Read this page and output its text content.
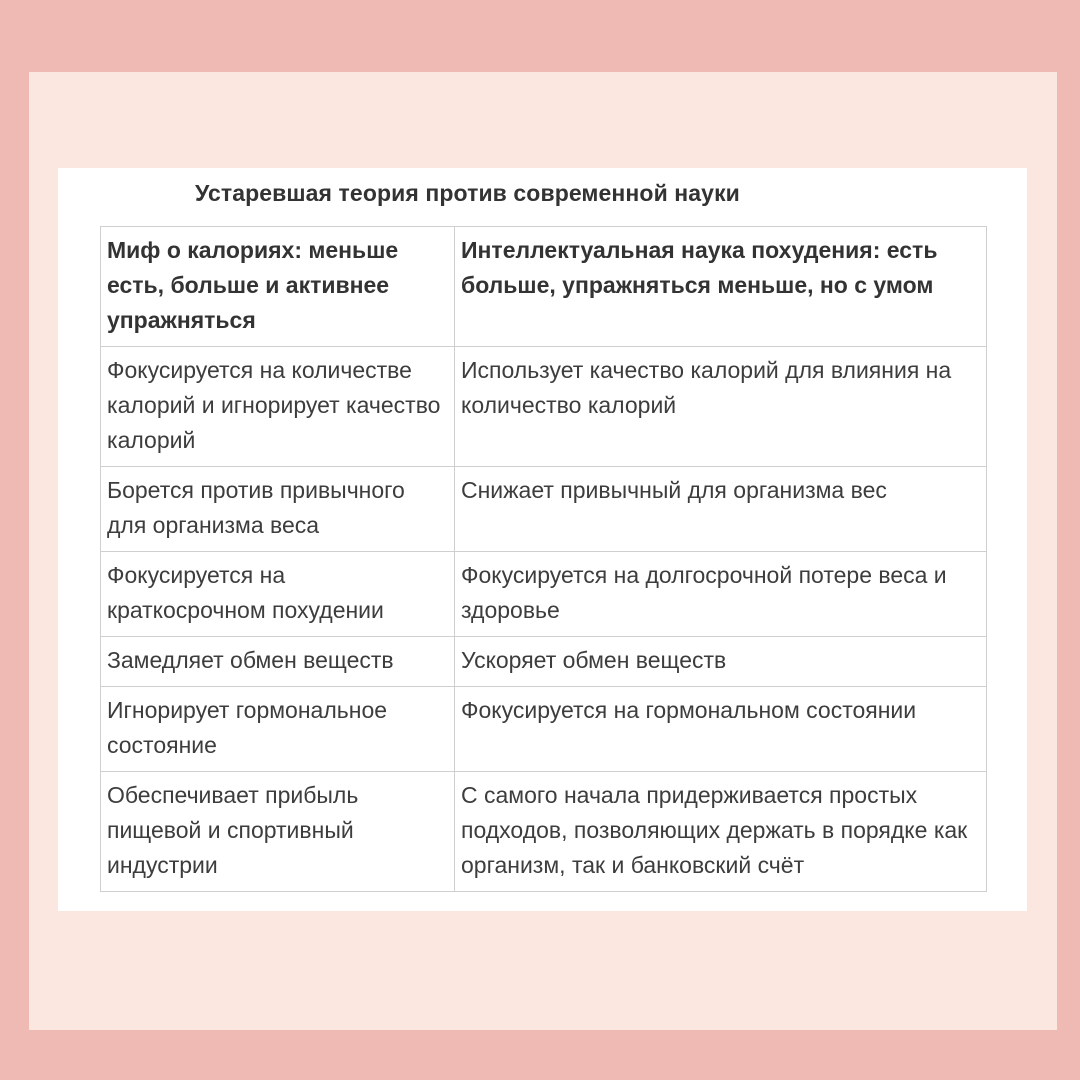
Устаревшая теория против современной науки
Миф о калориях: меньше есть, больше и активнее упражняться	Интеллектуальная наука похудения: есть больше, упражняться меньше, но с умом
Фокусируется на количестве калорий и игнорирует качество калорий	Использует качество калорий для влияния на количество калорий
Борется против привычного для организма веса	Снижает привычный для организма вес
Фокусируется на краткосрочном похудении	Фокусируется на долгосрочной потере веса и здоровье
Замедляет обмен веществ	Ускоряет обмен веществ
Игнорирует гормональное состояние	Фокусируется на гормональном состоянии
Обеспечивает прибыль пищевой и спортивный индустрии	С самого начала придерживается простых подходов, позволяющих держать в порядке как организм, так и банковский счёт
